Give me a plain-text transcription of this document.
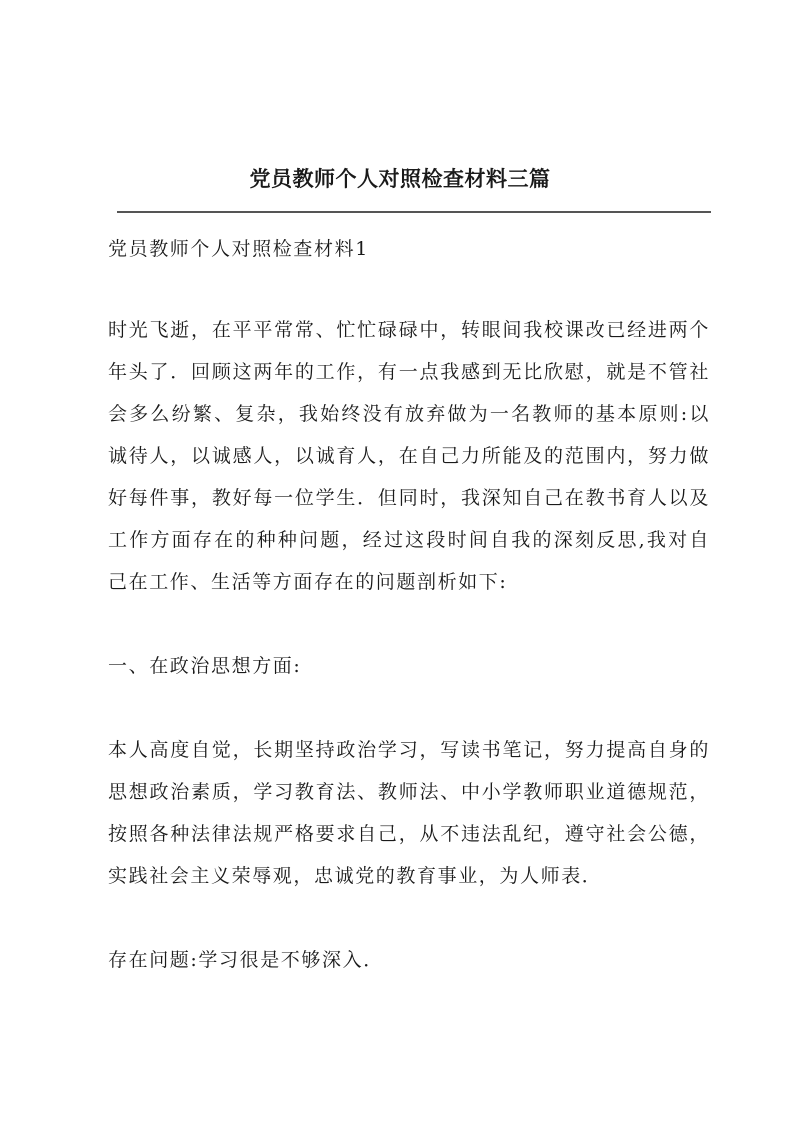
党员教师个人对照检查材料三篇

党员教师个人对照检查材料1

时光飞逝，在平平常常、忙忙碌碌中，转眼间我校课改已经进两个年头了．回顾这两年的工作，有一点我感到无比欣慰，就是不管社会多么纷繁、复杂，我始终没有放弃做为一名教师的基本原则:以诚待人，以诚感人，以诚育人，在自己力所能及的范围内，努力做好每件事，教好每一位学生．但同时，我深知自己在教书育人以及工作方面存在的种种问题，经过这段时间自我的深刻反思,我对自己在工作、生活等方面存在的问题剖析如下:

一、在政治思想方面:

本人高度自觉，长期坚持政治学习，写读书笔记，努力提高自身的思想政治素质，学习教育法、教师法、中小学教师职业道德规范，按照各种法律法规严格要求自己，从不违法乱纪，遵守社会公德，实践社会主义荣辱观，忠诚党的教育事业，为人师表．

存在问题:学习很是不够深入．
